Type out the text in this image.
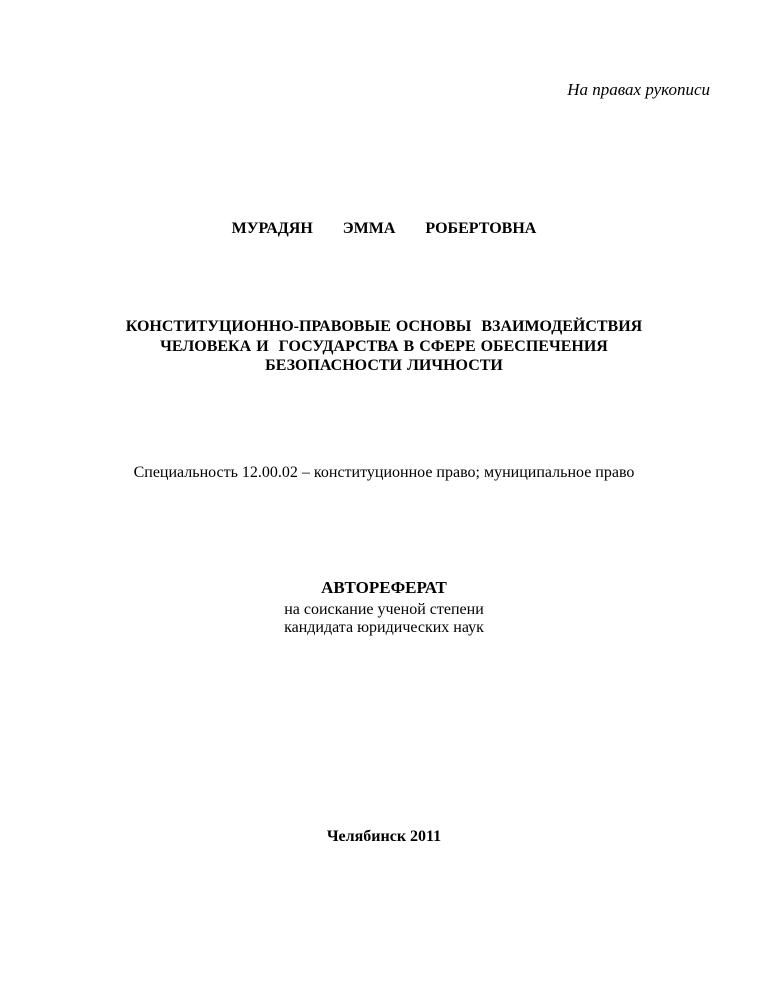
На правах рукописи
МУРАДЯН   ЭММА   РОБЕРТОВНА
КОНСТИТУЦИОННО-ПРАВОВЫЕ ОСНОВЫ  ВЗАИМОДЕЙСТВИЯ
ЧЕЛОВЕКА И  ГОСУДАРСТВА В СФЕРЕ ОБЕСПЕЧЕНИЯ
БЕЗОПАСНОСТИ ЛИЧНОСТИ
Специальность 12.00.02 – конституционное право; муниципальное право
АВТОРЕФЕРАТ
на соискание ученой степени
кандидата юридических наук
Челябинск 2011
